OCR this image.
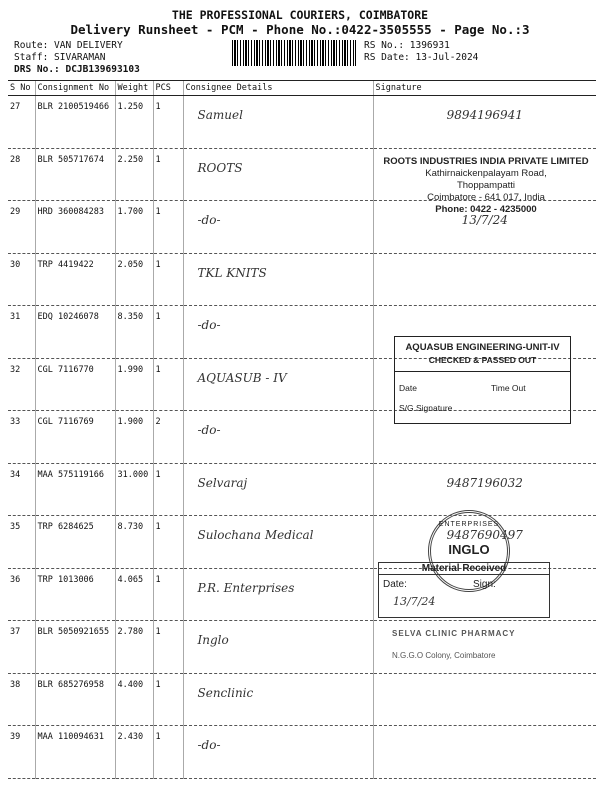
THE PROFESSIONAL COURIERS, COIMBATORE
Delivery Runsheet - PCM - Phone No.:0422-3505555 - Page No.:3
Route: VAN DELIVERY
Staff: SIVARAMAN
DRS No.: DCJB139693103
RS No.: 1396931
RS Date: 13-Jul-2024
S No	Consignment No	Weight	PCS	Consignee Details	Signature
27	BLR 2100519466	1.250	1	Samuel	9894196941
28	BLR 505717674	2.250	1	ROOTS	
29	HRD 360084283	1.700	1	-do-	13/7/24
30	TRP 4419422	2.050	1	TKL KNITS	
31	EDQ 10246078	8.350	1	-do-	
32	CGL 7116770	1.990	1	AQUASUB - IV	
33	CGL 7116769	1.900	2	-do-	
34	MAA 575119166	31.000	1	Selvaraj	9487196032
35	TRP 6284625	8.730	1	Sulochana Medical	9487690497
36	TRP 1013006	4.065	1	P.R. Enterprises	
37	BLR 5050921655	2.780	1	Inglo	
38	BLR 685276958	4.400	1	Senclinic	
39	MAA 110094631	2.430	1	-do-	
ROOTS INDUSTRIES INDIA PRIVATE LIMITED
Kathirnaickenpalayam Road,
Thoppampatti
Coimbatore - 641 017, India
Phone: 0422 - 4235000
AQUASUB ENGINEERING-UNIT-IV
CHECKED & PASSED OUT
Date	Time Out
S/G Signature
ENTERPRISES
INGLO
Material Received
Date:	Sign:
13/7/24
SELVA CLINIC PHARMACY
N.G.G.O Colony, Coimbatore
